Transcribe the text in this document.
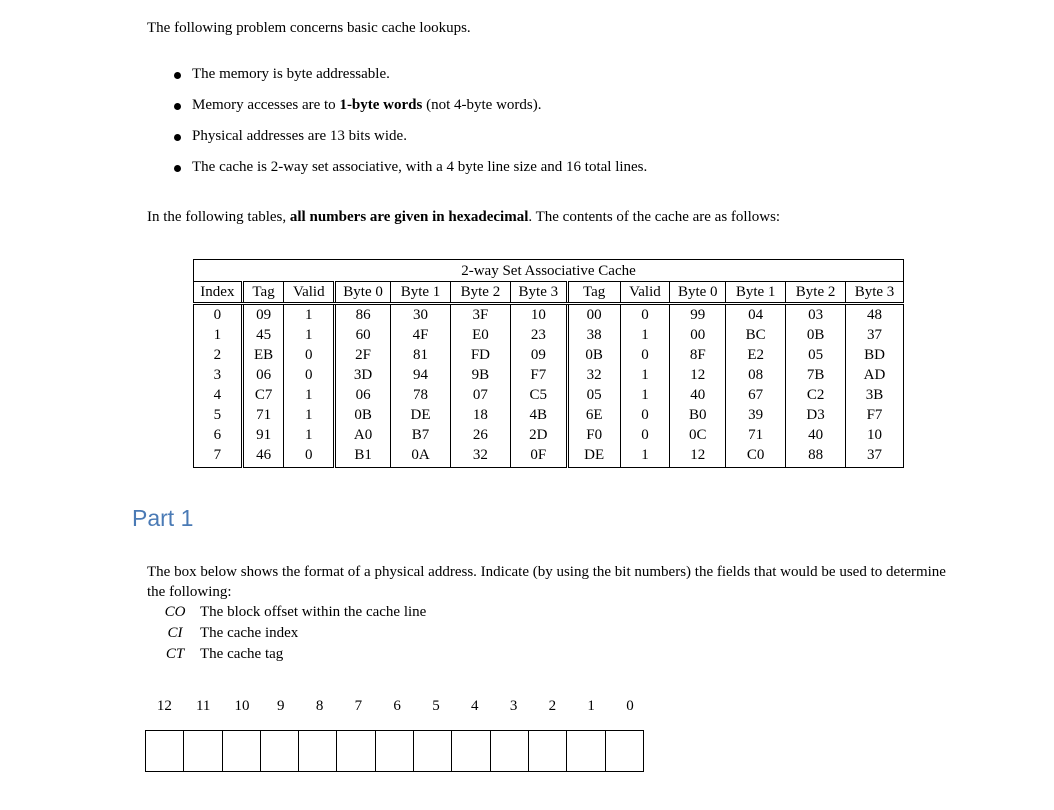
The following problem concerns basic cache lookups.

The memory is byte addressable.
Memory accesses are to 1-byte words (not 4-byte words).
Physical addresses are 13 bits wide.
The cache is 2-way set associative, with a 4 byte line size and 16 total lines.

In the following tables, all numbers are given in hexadecimal. The contents of the cache are as follows:

2-way Set Associative Cache												
Index	Tag	Valid	Byte 0	Byte 1	Byte 2	Byte 3	Tag	Valid	Byte 0	Byte 1	Byte 2	Byte 3
0	09	1	86	30	3F	10	00	0	99	04	03	48
1	45	1	60	4F	E0	23	38	1	00	BC	0B	37
2	EB	0	2F	81	FD	09	0B	0	8F	E2	05	BD
3	06	0	3D	94	9B	F7	32	1	12	08	7B	AD
4	C7	1	06	78	07	C5	05	1	40	67	C2	3B
5	71	1	0B	DE	18	4B	6E	0	B0	39	D3	F7
6	91	1	A0	B7	26	2D	F0	0	0C	71	40	10
7	46	0	B1	0A	32	0F	DE	1	12	C0	88	37
Part 1

The box below shows the format of a physical address. Indicate (by using the bit numbers) the fields that would be used to determine the following:

CO The block offset within the cache line
CI	The cache index
CT	The cache tag
12	11	10	9	8	7	6	5	4	3	2	1	0
